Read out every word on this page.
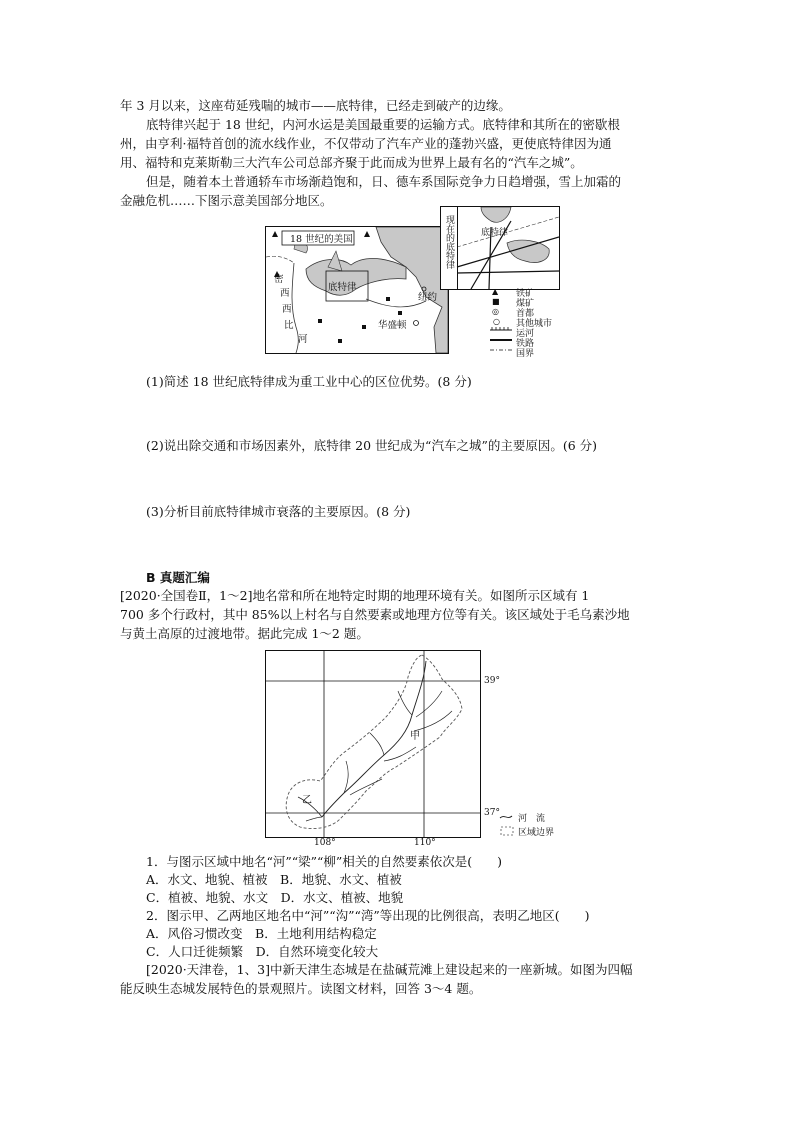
年 3 月以来，这座苟延残喘的城市——底特律，已经走到破产的边缘。
底特律兴起于 18 世纪，内河水运是美国最重要的运输方式。底特律和其所在的密歇根
州，由亨利·福特首创的流水线作业，不仅带动了汽车产业的蓬勃兴盛，更使底特律因为通
用、福特和克莱斯勒三大汽车公司总部齐聚于此而成为世界上最有名的“汽车之城”。
但是，随着本土普通轿车市场渐趋饱和，日、德车系国际竞争力日趋增强，雪上加霜的
金融危机……下图示意美国部分地区。
18 世纪的美国
底特律
纽约
华盛顿
密
西
西
比
河
现在的底特律	底特律
▲ 铁矿
■ 煤矿
◎ 首都
○ 其他城市
运河
铁路
国界
(1)简述 18 世纪底特律成为重工业中心的区位优势。(8 分)
(2)说出除交通和市场因素外，底特律 20 世纪成为“汽车之城”的主要原因。(6 分)
(3)分析目前底特律城市衰落的主要原因。(8 分)
B 真题汇编
[2020·全国卷Ⅱ，1～2]地名常和所在地特定时期的地理环境有关。如图所示区域有 1
700 多个行政村，其中 85%以上村名与自然要素或地理方位等有关。该区域处于毛乌素沙地
与黄土高原的过渡地带。据此完成 1～2 题。
甲
乙
39°
37°
108°	110°
河　流
区域边界
1．与图示区域中地名“河”“梁”“柳”相关的自然要素依次是(　　)
A．水文、地貌、植被　B．地貌、水文、植被
C．植被、地貌、水文　D．水文、植被、地貌
2．图示甲、乙两地区地名中“河”“沟”“湾”等出现的比例很高，表明乙地区(　　)
A．风俗习惯改变　B．土地利用结构稳定
C．人口迁徙频繁　D．自然环境变化较大
[2020·天津卷，1、3]中新天津生态城是在盐碱荒滩上建设起来的一座新城。如图为四幅
能反映生态城发展特色的景观照片。读图文材料，回答 3～4 题。
